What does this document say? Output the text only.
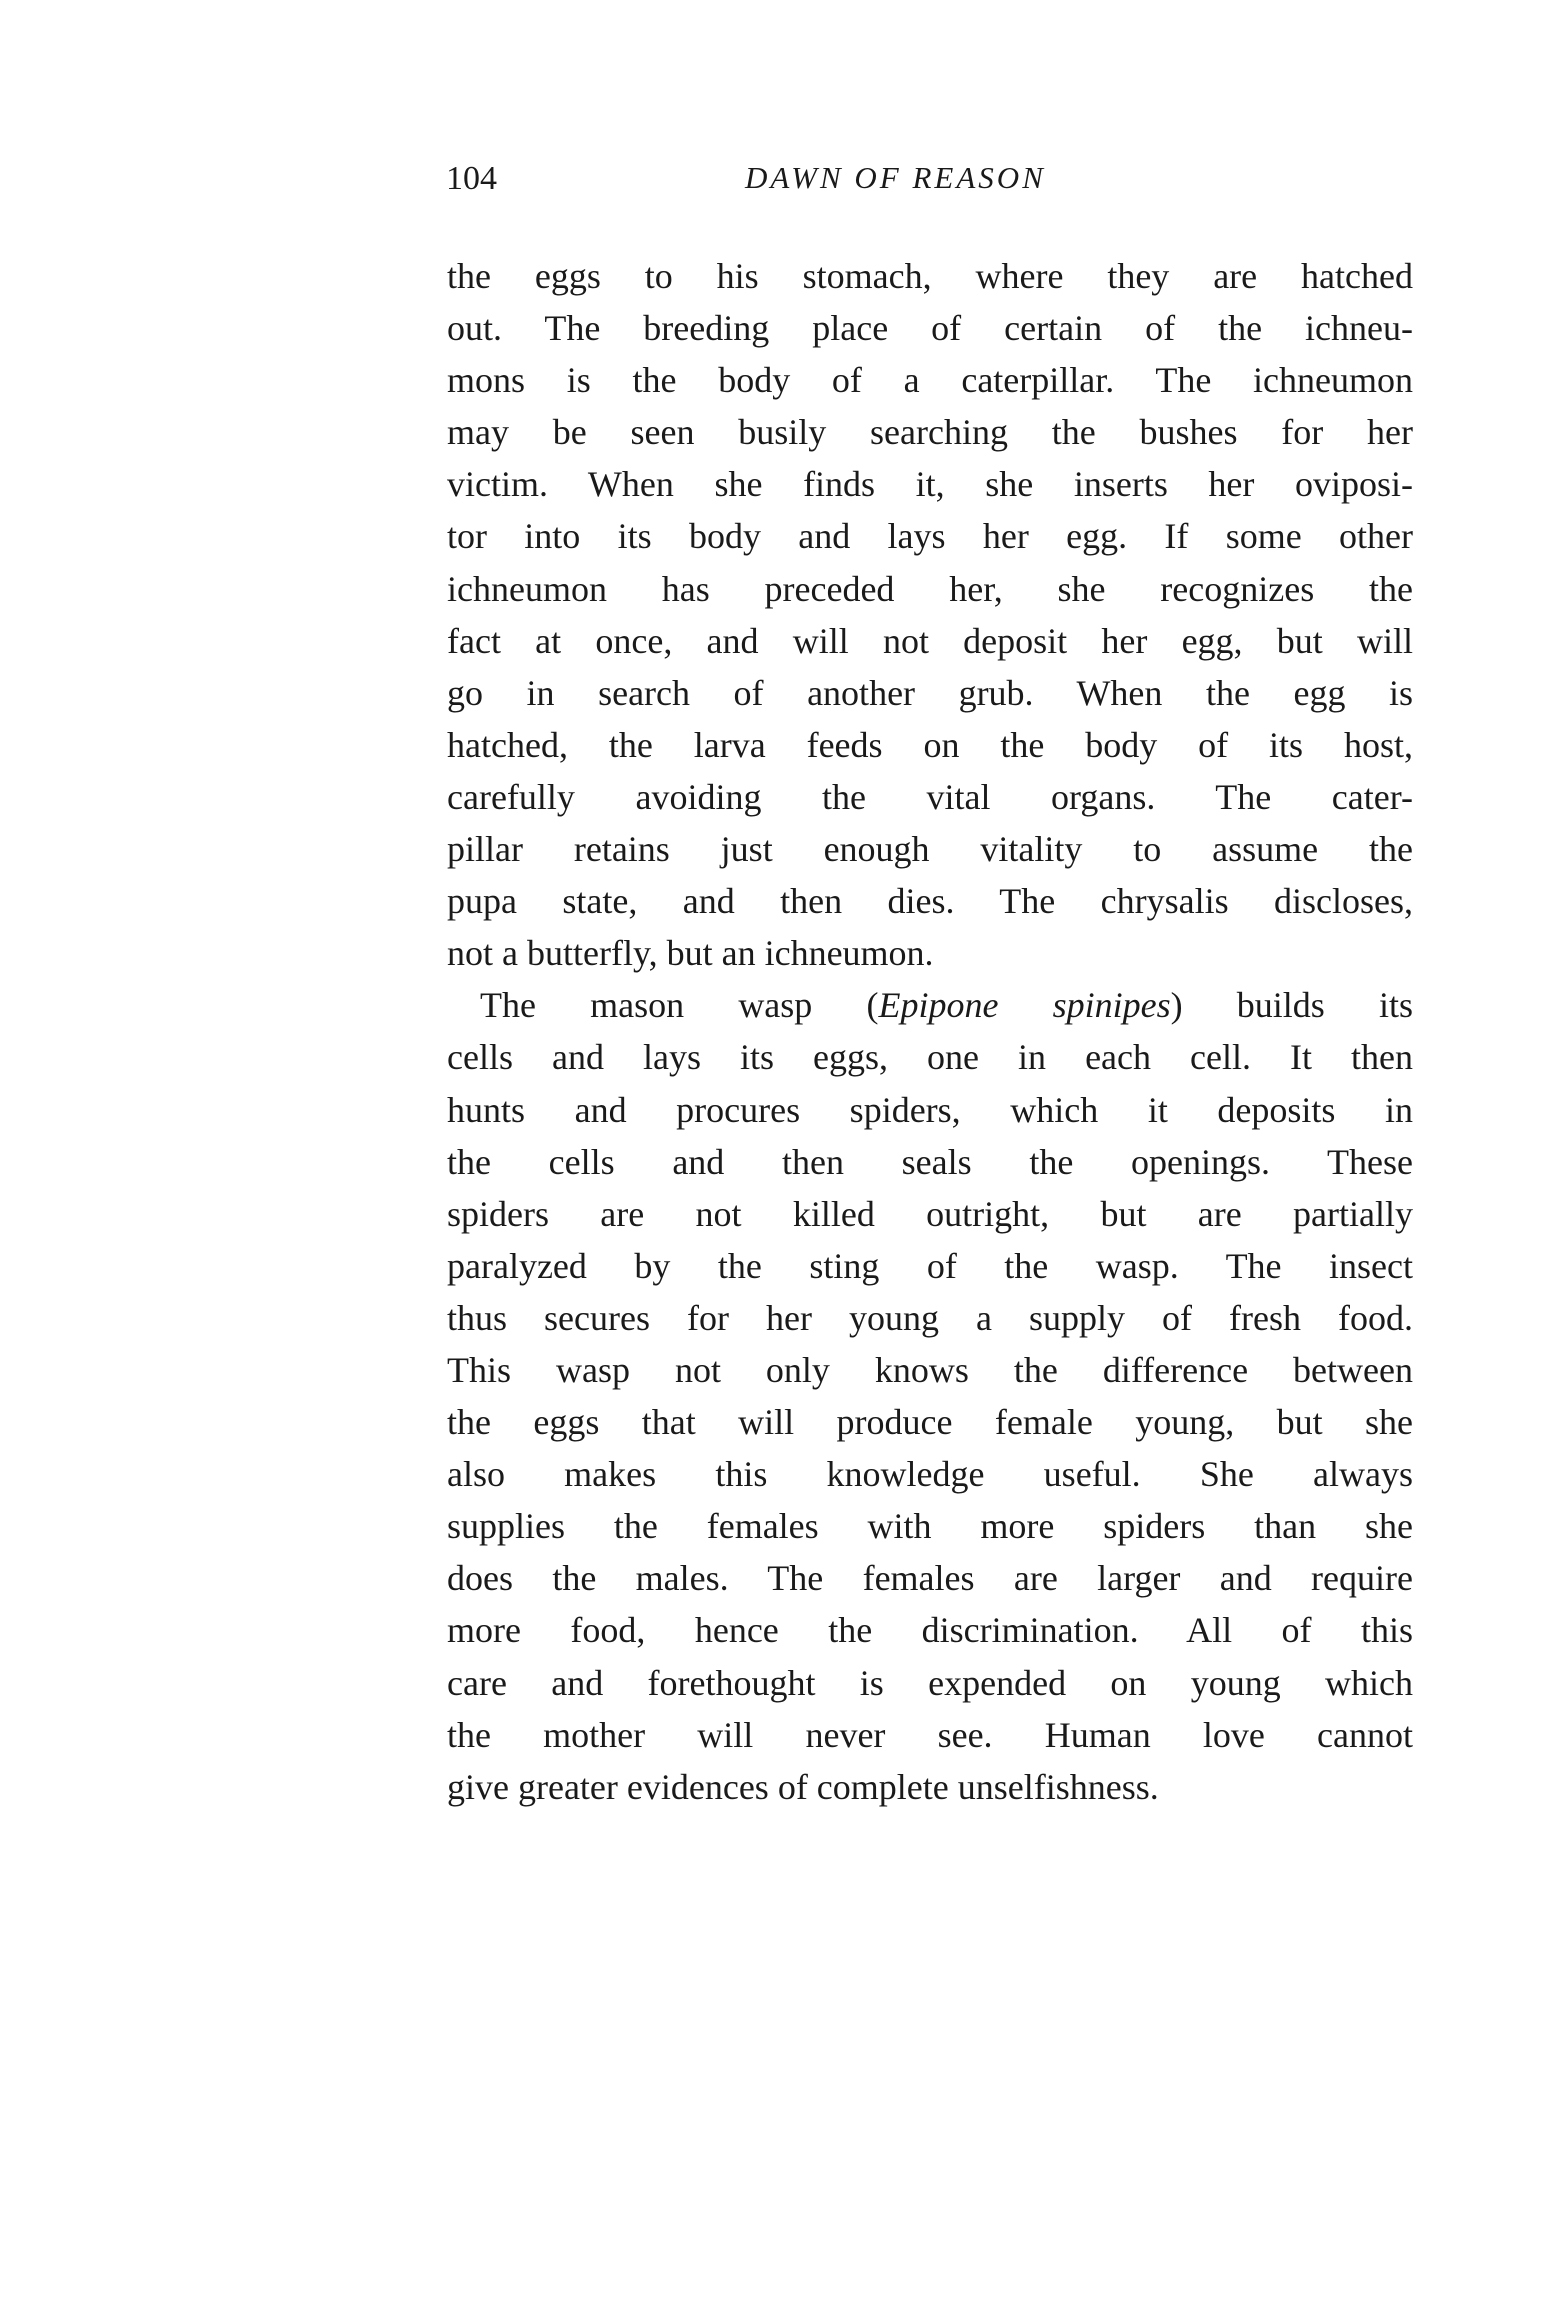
104	DAWN OF REASON
the eggs to his stomach, where they are hatched
out. The breeding place of certain of the ichneu-
mons is the body of a caterpillar. The ichneumon
may be seen busily searching the bushes for her
victim. When she finds it, she inserts her oviposi-
tor into its body and lays her egg. If some other
ichneumon has preceded her, she recognizes the
fact at once, and will not deposit her egg, but will
go in search of another grub. When the egg is
hatched, the larva feeds on the body of its host,
carefully avoiding the vital organs. The cater-
pillar retains just enough vitality to assume the
pupa state, and then dies. The chrysalis discloses,
not a butterfly, but an ichneumon.
The mason wasp (Epipone spinipes) builds its
cells and lays its eggs, one in each cell. It then
hunts and procures spiders, which it deposits in
the cells and then seals the openings. These
spiders are not killed outright, but are partially
paralyzed by the sting of the wasp. The insect
thus secures for her young a supply of fresh food.
This wasp not only knows the difference between
the eggs that will produce female young, but she
also makes this knowledge useful. She always
supplies the females with more spiders than she
does the males. The females are larger and require
more food, hence the discrimination. All of this
care and forethought is expended on young which
the mother will never see. Human love cannot
give greater evidences of complete unselfishness.
